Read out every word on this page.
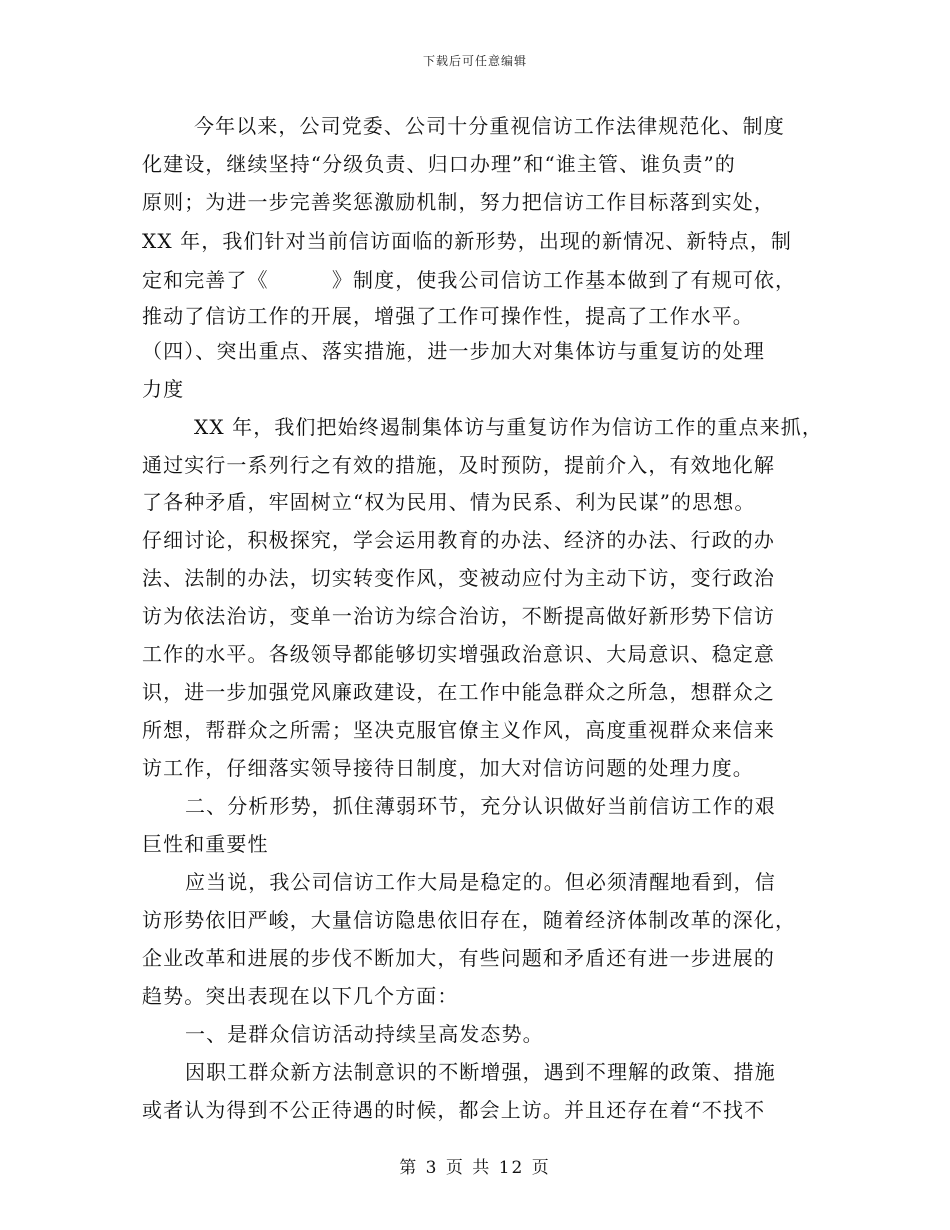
下载后可任意编辑
今年以来，公司党委、公司十分重视信访工作法律规范化、制度
化建设，继续坚持“分级负责、归口办理”和“谁主管、谁负责”的
原则；为进一步完善奖惩激励机制，努力把信访工作目标落到实处，
XX 年，我们针对当前信访面临的新形势，出现的新情况、新特点，制
定和完善了《　　　》制度，使我公司信访工作基本做到了有规可依，
推动了信访工作的开展，增强了工作可操作性，提高了工作水平。
（四）、突出重点、落实措施，进一步加大对集体访与重复访的处理
力度
XX 年，我们把始终遏制集体访与重复访作为信访工作的重点来抓，
通过实行一系列行之有效的措施，及时预防，提前介入，有效地化解
了各种矛盾，牢固树立“权为民用、情为民系、利为民谋”的思想。
仔细讨论，积极探究，学会运用教育的办法、经济的办法、行政的办
法、法制的办法，切实转变作风，变被动应付为主动下访，变行政治
访为依法治访，变单一治访为综合治访，不断提高做好新形势下信访
工作的水平。各级领导都能够切实增强政治意识、大局意识、稳定意
识，进一步加强党风廉政建设，在工作中能急群众之所急，想群众之
所想，帮群众之所需；坚决克服官僚主义作风，高度重视群众来信来
访工作，仔细落实领导接待日制度，加大对信访问题的处理力度。
二、分析形势，抓住薄弱环节，充分认识做好当前信访工作的艰
巨性和重要性
应当说，我公司信访工作大局是稳定的。但必须清醒地看到，信
访形势依旧严峻，大量信访隐患依旧存在，随着经济体制改革的深化，
企业改革和进展的步伐不断加大，有些问题和矛盾还有进一步进展的
趋势。突出表现在以下几个方面：
一、是群众信访活动持续呈高发态势。
因职工群众新方法制意识的不断增强，遇到不理解的政策、措施
或者认为得到不公正待遇的时候，都会上访。并且还存在着“不找不
第 3 页 共 12 页
